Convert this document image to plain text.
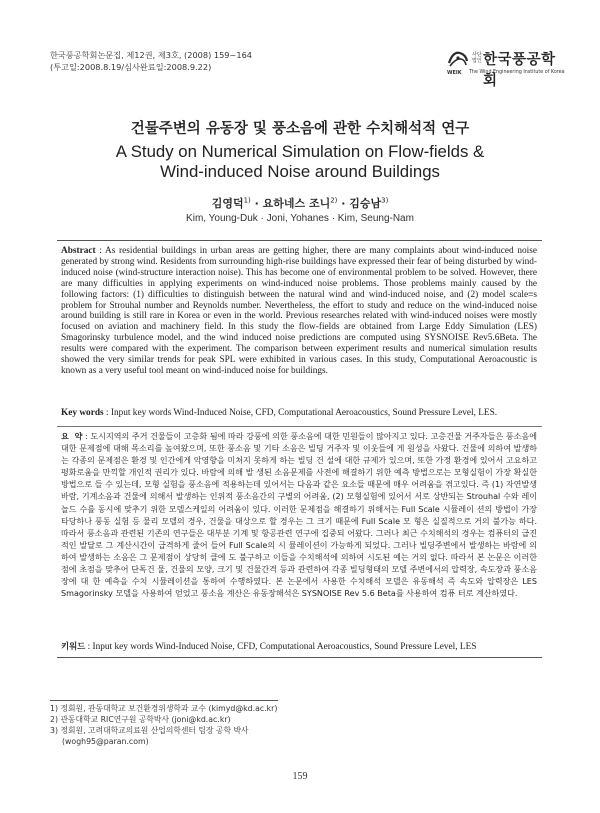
한국풍공학회논문집, 제12권, 제3호, (2008) 159~164
(투고일:2008.8.19/심사완료일:2008.9.22)
사단
법인 한국풍공학회
WEIK The Wind Engineering Institute of Korea
건물주변의 유동장 및 풍소음에 관한 수치해석적 연구
A Study on Numerical Simulation on Flow-fields &
Wind-induced Noise around Buildings
김영덕$^{1)}$ · 요하네스 조니$^{2)}$ · 김승남$^{3)}$
Kim, Young-Duk · Joni, Yohanes · Kim, Seung-Nam
Abstract : As residential buildings in urban areas are getting higher, there are many complaints about wind-induced noise generated by strong wind. Residents from surrounding high-rise buildings have expressed their fear of being disturbed by wind-induced noise (wind-structure interaction noise). This has become one of environmental problem to be solved. However, there are many difficulties in applying experiments on wind-induced noise problems. Those problems mainly caused by the following factors: (1) difficulties to distinguish between the natural wind and wind-induced noise, and (2) model scale≡s problem for Strouhal number and Reynolds number. Nevertheless, the effort to study and reduce on the wind-induced noise around building is still rare in Korea or even in the world. Previous researches related with wind-induced noises were mostly focused on aviation and machinery field. In this study the flow-fields are obtained from Large Eddy Simulation (LES) Smagorinsky turbulence model, and the wind induced noise predictions are computed using SYSNOISE Rev5.6Beta. The results were compared with the experiment. The comparison between experiment results and numerical simulation results showed the very similar trends for peak SPL were exhibited in various cases. In this study, Computational Aeroacoustic is known as a very useful tool meant on wind-induced noise for buildings.
Key words : Input key words Wind-Induced Noise, CFD, Computational Aeroacoustics, Sound Pressure Level, LES.
요  약 : 도시지역의 주거 건물들이 고층화 됨에 따라 강풍에 의한 풍소음에 대한 민원들이 많아지고 있다. 고층건물 거주자들은 풍소음에 대한 문제점에 대해 목소리를 높여왔으며, 또한 풍소음 및 기타 소음은 빌딩 거주자 및 이웃들에 게 원성을 사왔다. 건물에 의하여 발생하는 각종의 문제점은 환경 및 인간에게 악영향을 미쳐지 못하게 하는 빌딩 건 설에 대한 규제가 있으며, 또한 가정 환경에 있어서 고요하고 평화로움을 만끽할 개인적 권리가 있다. 바람에 의해 발 생된 소음문제를 사전에 해결하기 위한 예측 방법으로는 모형실험이 가장 확실한 방법으로 들 수 있는데, 모형 실험을 풍소음에 적용하는데 있어서는 다음과 같은 요소들 때문에 매우 어려움을 겪고있다. 즉 (1) 자연발생 바람, 기계소음과 건물에 의해서 발생하는 인위적 풍소음간의 구별의 어려움, (2) 모형실험에 있어서 서로 상반되는 Strouhal 수와 레이 놀드 수를 동시에 맞추기 위한 모델스케일의 어려움이 있다. 이러한 문제점을 해결하기 위해서는 Full Scale 시뮬레이 션의 방법이 가장 타당하나 풍동 실험 등 물리 모델의 경우, 건물을 대상으로 할 경우는 그 크기 때문에 Full Scale 모 형은 실질적으로 거의 불가능 하다. 따라서 풍소음과 관련된 기존의 연구들은 대부분 기계 및 항공관련 연구에 집중되 어왔다. 그러나 최근 수치해석의 경우는 컴퓨터의 급진적인 발달로 그 계산시간이 급격하게 줄어 들어 Full Scale의 시 뮬레이션이 가능하게 되었다. 그러나 빌딩주변에서 발생하는 바람에 의하여 발생하는 소음은 그 문제점이 상당히 클에 도 불구하고 이들을 수치해석에 의하여 시도된 예는 거의 없다. 따라서 본 논문은 이러한 점에 초점을 맞추어 단독건 물, 건물의 모양, 크기 및 건물간격 등과 관련하여 각종 빌딩형태의 모델 주변에서의 압력장, 속도장과 풍소음장에 대 한 예측을 수치 시뮬레이션을 통하여 수행하였다. 본 논문에서 사용한 수치해석 모델은 유동해석 즉 속도와 압력장은 LES Smagorinsky 모델을 사용하여 얻었고 풍소음 계산은 유동장해석은 SYSNOISE Rev 5.6 Beta를 사용하여 컴퓨 터로 계산하였다.
키워드 : Input key words Wind-Induced Noise, CFD, Computational Aeroacoustics, Sound Pressure Level, LES
1) 정회원, 관동대학교 보건환경위생학과 교수 (kimyd@kd.ac.kr)
2) 관동대학교 RIC연구원 공학박사 (joni@kd.ac.kr)
3) 정회원, 고려대학교의료원 산업의학센터 팀장 공학 박사
(wogh95@paran.com)
159
